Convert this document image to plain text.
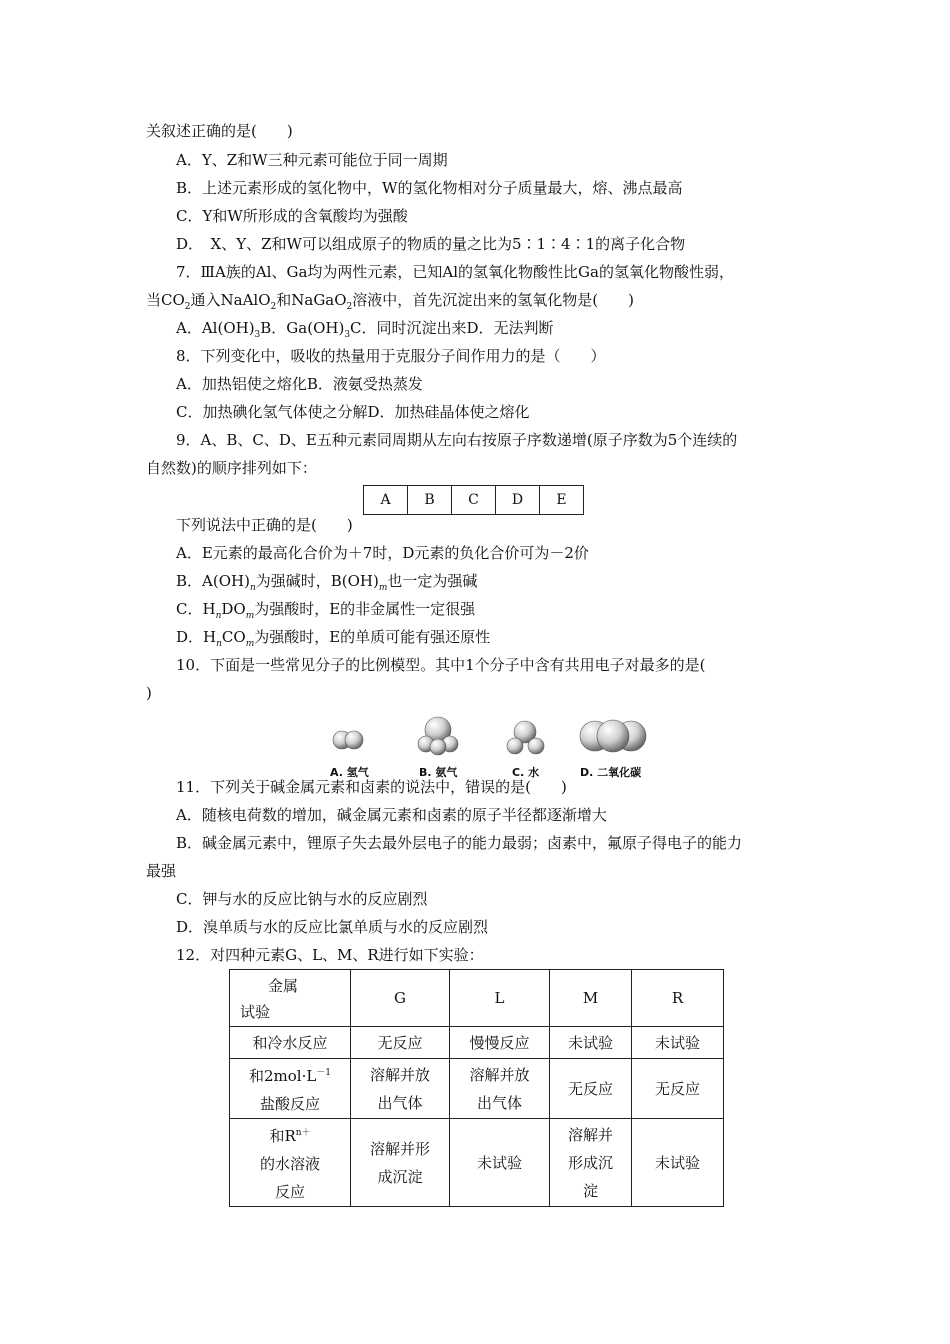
关叙述正确的是(　　)
A．Y、Z和W三种元素可能位于同一周期
B．上述元素形成的氢化物中，W的氢化物相对分子质量最大，熔、沸点最高
C．Y和W所形成的含氧酸均为强酸
D．　X、Y、Z和W可以组成原子的物质的量之比为5∶1∶4∶1的离子化合物
7．ⅢA族的Al、Ga均为两性元素，已知Al的氢氧化物酸性比Ga的氢氧化物酸性弱，
当$CO_2$通入NaAlO$_2$和NaGaO$_2$溶液中，首先沉淀出来的氢氧化物是(　　)
A．$Al(OH)_3B$．$Ga(OH)_3C$．同时沉淀出来D．无法判断
8．下列变化中，吸收的热量用于克服分子间作用力的是（　　）
A．加热铝使之熔化B．液氨受热蒸发
C．加热碘化氢气体使之分解D．加热硅晶体使之熔化
9．A、B、C、D、E五种元素同周期从左向右按原子序数递增(原子序数为5个连续的
自然数)的顺序排列如下：
A	B	C	D	E
下列说法中正确的是(　　)
A．E元素的最高化合价为＋7时，D元素的负化合价可为－2价
B．$A(OH)_n$为强碱时，$B(OH)_m$也一定为强碱
C．$H_nDO_m$为强酸时，E的非金属性一定很强
D．$H_nCO_m$为强酸时，E的单质可能有强还原性
10．下面是一些常见分子的比例模型。其中1个分子中含有共用电子对最多的是(
)
A. 氢气	B. 氨气	C. 水	D. 二氧化碳
11．下列关于碱金属元素和卤素的说法中，错误的是(　　)
A．随核电荷数的增加，碱金属元素和卤素的原子半径都逐渐增大
B．碱金属元素中，锂原子失去最外层电子的能力最弱；卤素中，氟原子得电子的能力
最强
C．钾与水的反应比钠与水的反应剧烈
D．溴单质与水的反应比氯单质与水的反应剧烈
12．对四种元素G、L、M、R进行如下实验：
金属
试验	G	L	M	R
和冷水反应	无反应	慢慢反应	未试验	未试验

和$2mol\cdot L^{-1}$
盐酸反应	溶解并放出气体	溶解并放出气体	无反应	无反应

和$R^{n+}$
的水溶液反应	溶解并形成沉淀	未试验	溶解并形成沉淀	未试验
